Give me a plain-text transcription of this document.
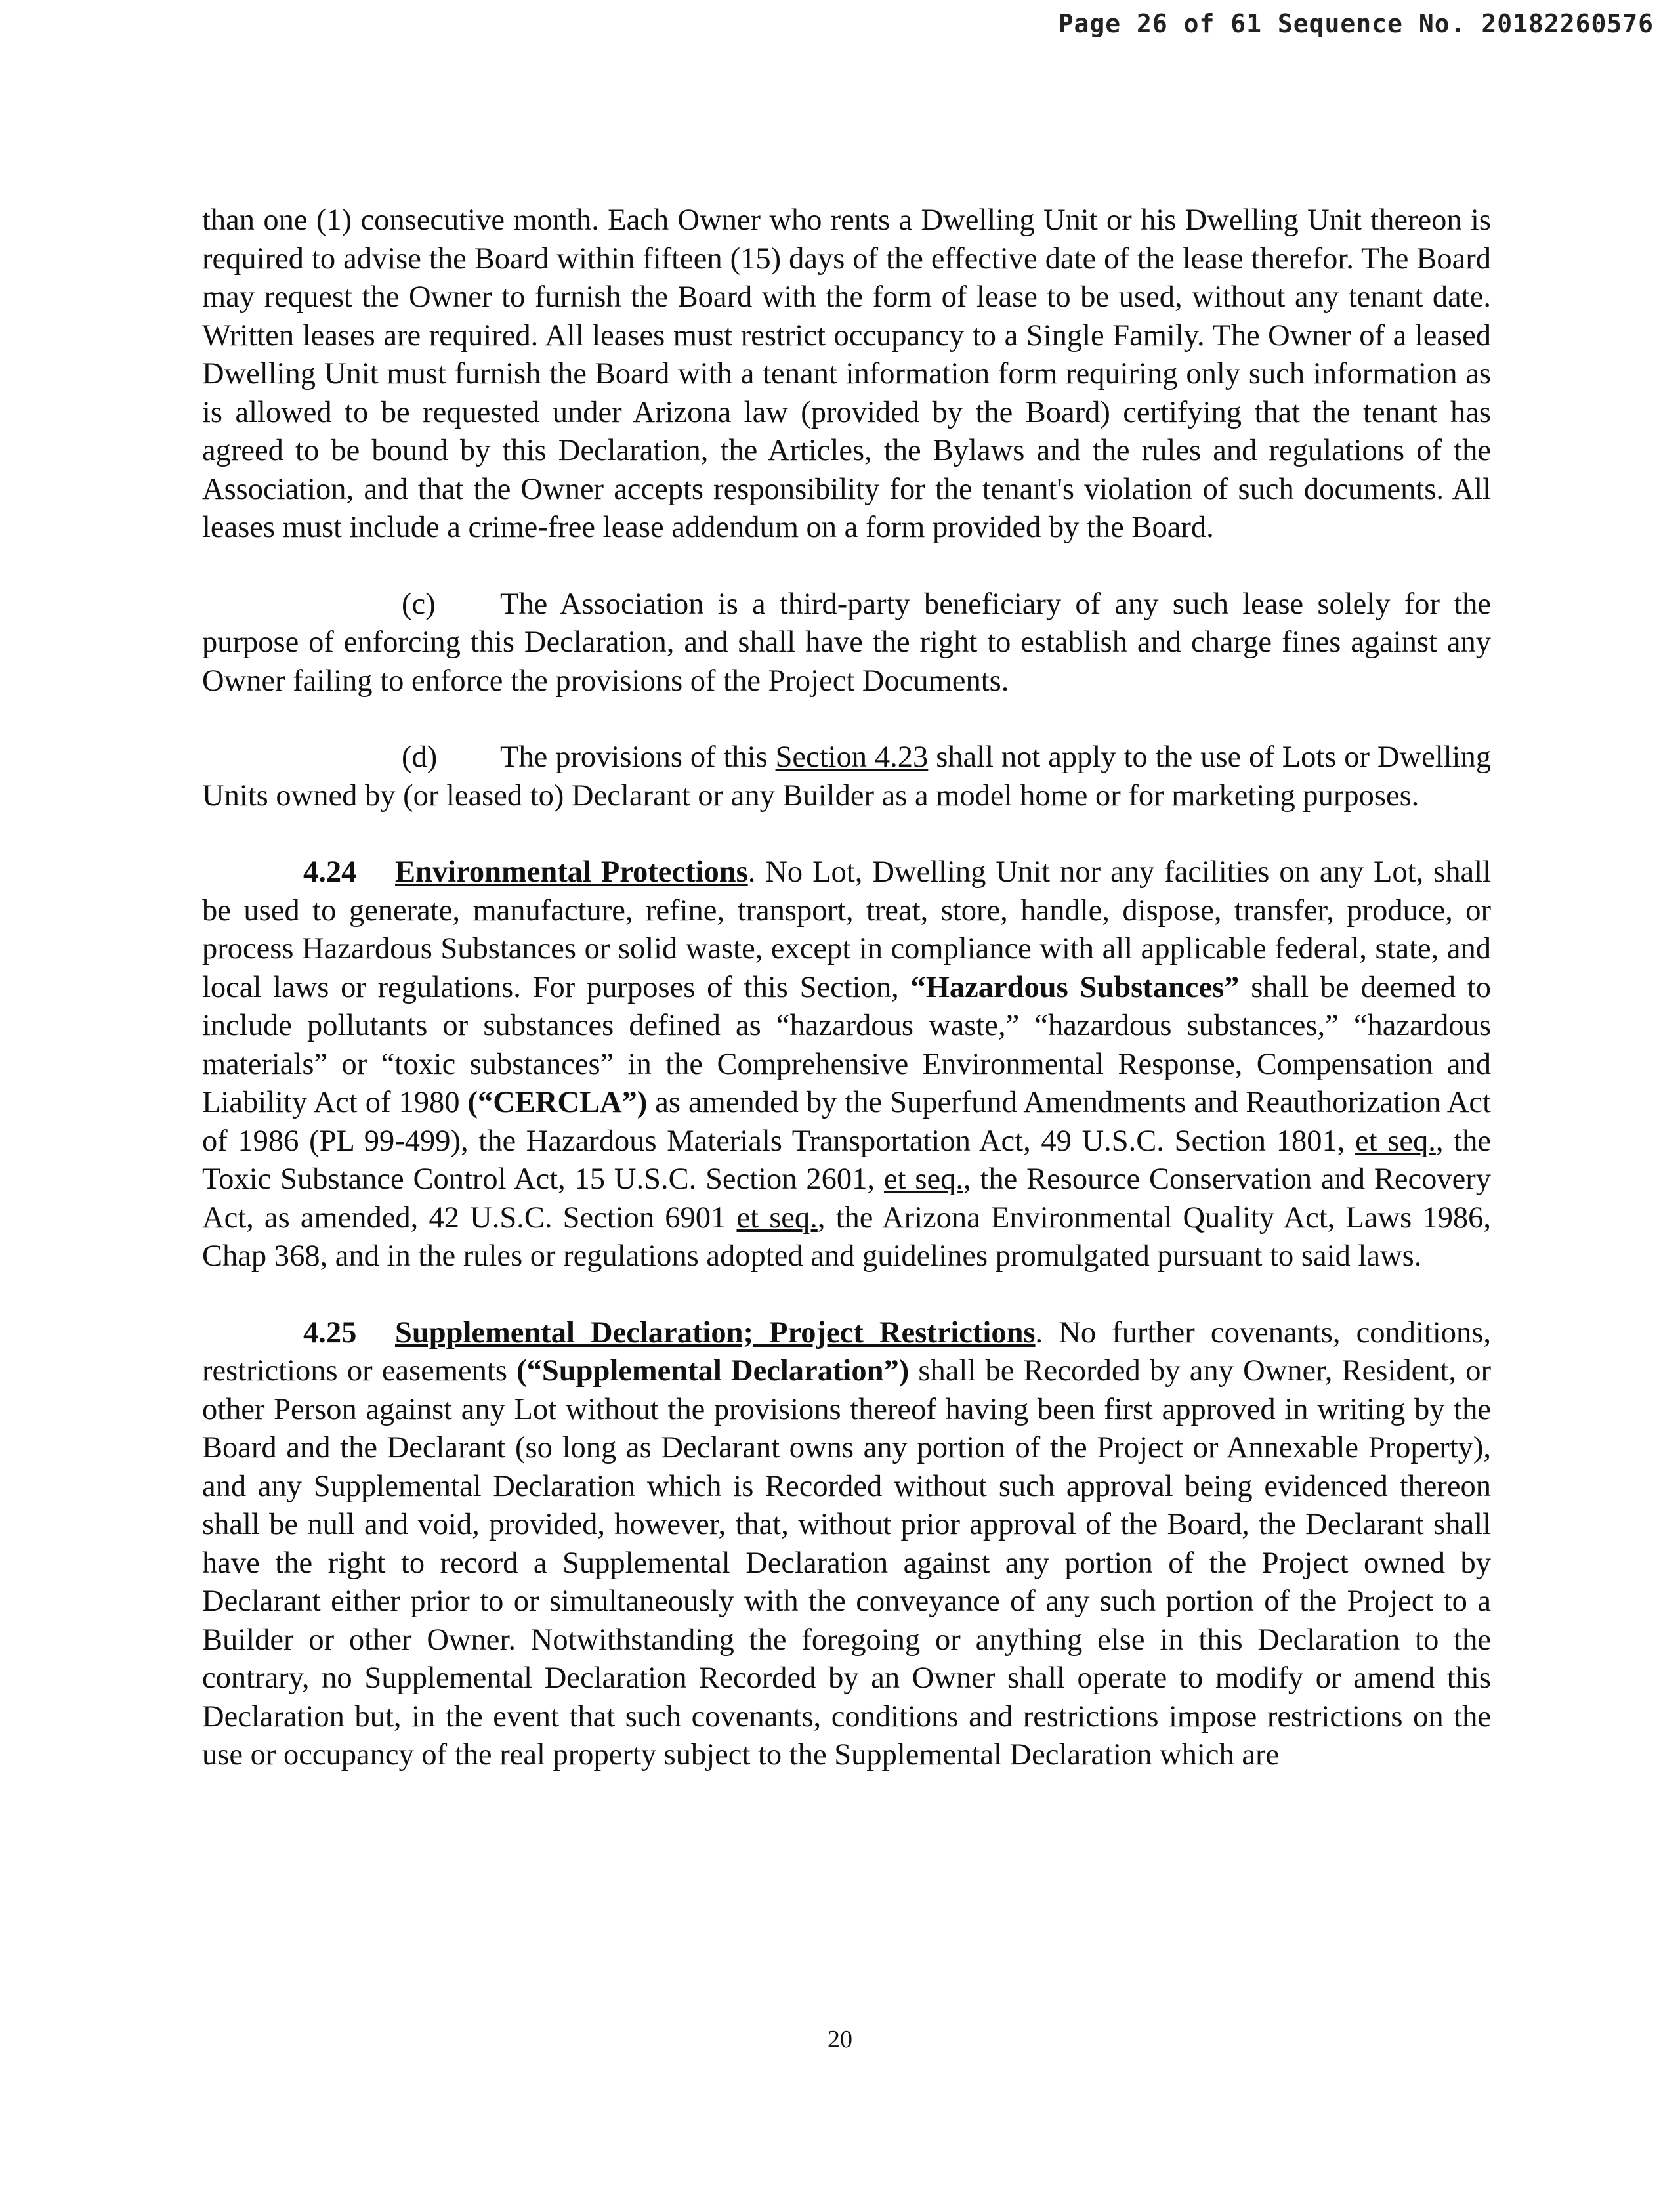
Page 26 of 61 Sequence No. 20182260576

than one (1) consecutive month. Each Owner who rents a Dwelling Unit or his Dwelling Unit thereon is required to advise the Board within fifteen (15) days of the effective date of the lease therefor. The Board may request the Owner to furnish the Board with the form of lease to be used, without any tenant date. Written leases are required. All leases must restrict occupancy to a Single Family. The Owner of a leased Dwelling Unit must furnish the Board with a tenant information form requiring only such information as is allowed to be requested under Arizona law (provided by the Board) certifying that the tenant has agreed to be bound by this Declaration, the Articles, the Bylaws and the rules and regulations of the Association, and that the Owner accepts responsibility for the tenant's violation of such documents. All leases must include a crime-free lease addendum on a form provided by the Board.

(c) The Association is a third-party beneficiary of any such lease solely for the purpose of enforcing this Declaration, and shall have the right to establish and charge fines against any Owner failing to enforce the provisions of the Project Documents.

(d) The provisions of this Section 4.23 shall not apply to the use of Lots or Dwelling Units owned by (or leased to) Declarant or any Builder as a model home or for marketing purposes.

4.24 Environmental Protections. No Lot, Dwelling Unit nor any facilities on any Lot, shall be used to generate, manufacture, refine, transport, treat, store, handle, dispose, transfer, produce, or process Hazardous Substances or solid waste, except in compliance with all applicable federal, state, and local laws or regulations. For purposes of this Section, “Hazardous Substances” shall be deemed to include pollutants or substances defined as “hazardous waste,” “hazardous substances,” “hazardous materials” or “toxic substances” in the Comprehensive Environmental Response, Compensation and Liability Act of 1980 (“CERCLA”) as amended by the Superfund Amendments and Reauthorization Act of 1986 (PL 99-499), the Hazardous Materials Transportation Act, 49 U.S.C. Section 1801, et seq., the Toxic Substance Control Act, 15 U.S.C. Section 2601, et seq., the Resource Conservation and Recovery Act, as amended, 42 U.S.C. Section 6901 et seq., the Arizona Environmental Quality Act, Laws 1986, Chap 368, and in the rules or regulations adopted and guidelines promulgated pursuant to said laws.

4.25 Supplemental Declaration; Project Restrictions. No further covenants, conditions, restrictions or easements (“Supplemental Declaration”) shall be Recorded by any Owner, Resident, or other Person against any Lot without the provisions thereof having been first approved in writing by the Board and the Declarant (so long as Declarant owns any portion of the Project or Annexable Property), and any Supplemental Declaration which is Recorded without such approval being evidenced thereon shall be null and void, provided, however, that, without prior approval of the Board, the Declarant shall have the right to record a Supplemental Declaration against any portion of the Project owned by Declarant either prior to or simultaneously with the conveyance of any such portion of the Project to a Builder or other Owner. Notwithstanding the foregoing or anything else in this Declaration to the contrary, no Supplemental Declaration Recorded by an Owner shall operate to modify or amend this Declaration but, in the event that such covenants, conditions and restrictions impose restrictions on the use or occupancy of the real property subject to the Supplemental Declaration which are

20
